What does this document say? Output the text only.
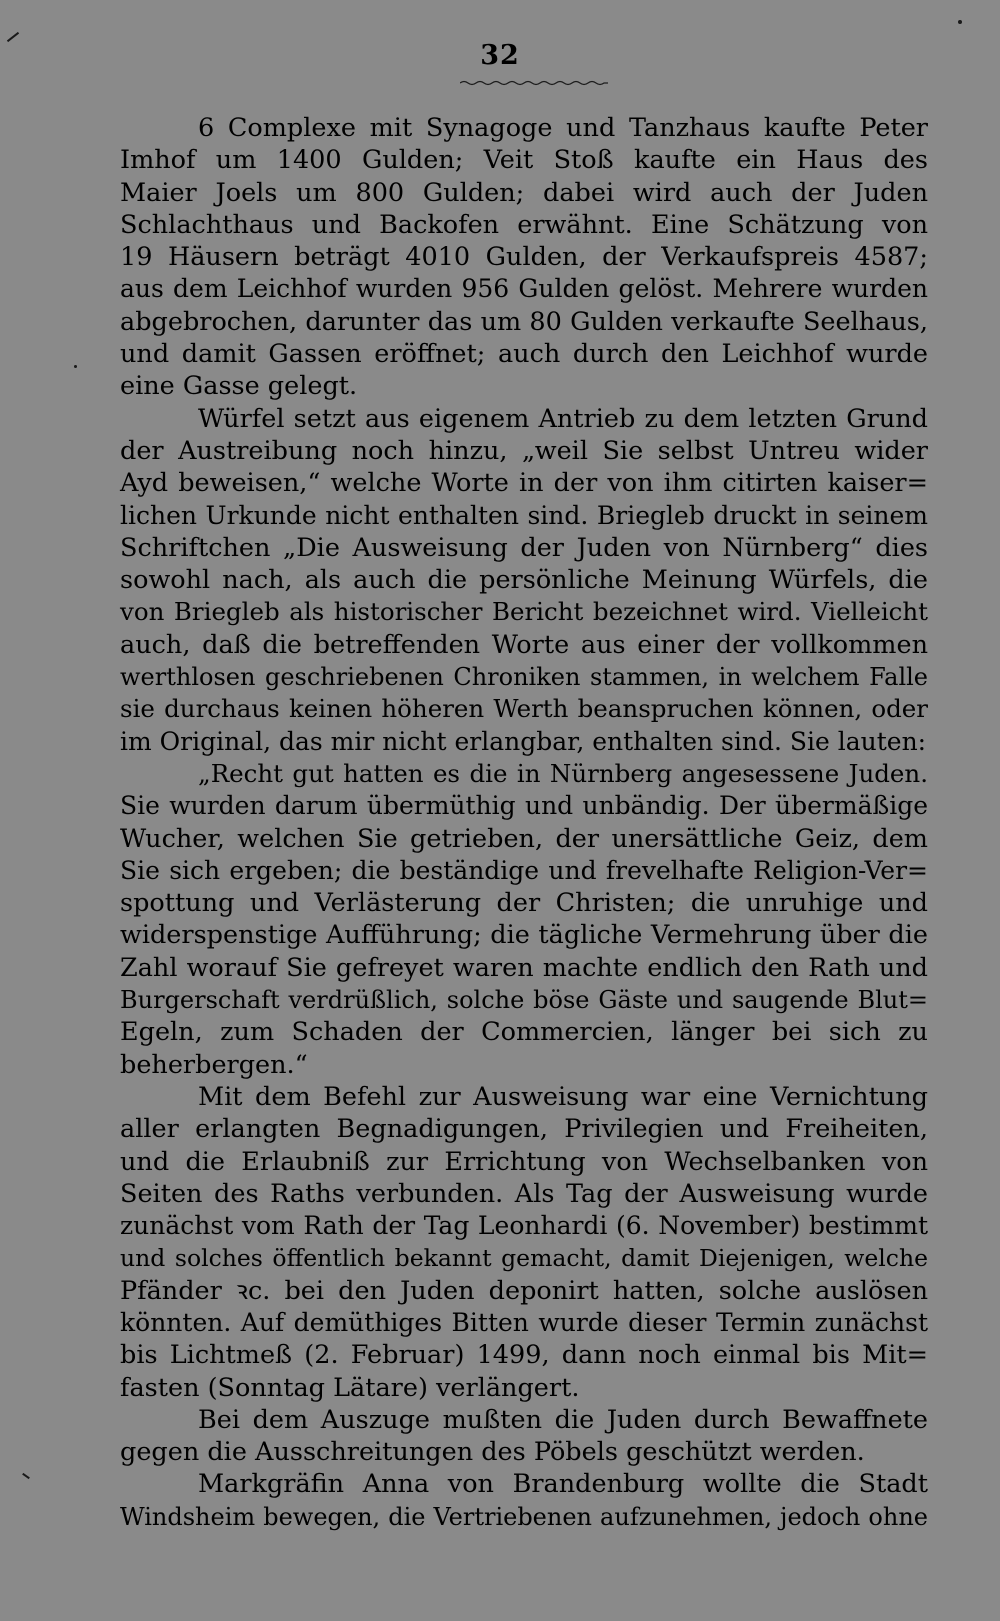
32
6 Complexe mit Synagoge und Tanzhaus kaufte Peter
Imhof um 1400 Gulden; Veit Stoß kaufte ein Haus des
Maier Joels um 800 Gulden; dabei wird auch der Juden
Schlachthaus und Backofen erwähnt. Eine Schätzung von
19 Häusern beträgt 4010 Gulden, der Verkaufspreis 4587;
aus dem Leichhof wurden 956 Gulden gelöst. Mehrere wurden
abgebrochen, darunter das um 80 Gulden verkaufte Seelhaus,
und damit Gassen eröffnet; auch durch den Leichhof wurde
eine Gasse gelegt.
Würfel setzt aus eigenem Antrieb zu dem letzten Grund
der Austreibung noch hinzu, „weil Sie selbst Untreu wider
Ayd beweisen,“ welche Worte in der von ihm citirten kaiser=
lichen Urkunde nicht enthalten sind. Briegleb druckt in seinem
Schriftchen „Die Ausweisung der Juden von Nürnberg“ dies
sowohl nach, als auch die persönliche Meinung Würfels, die
von Briegleb als historischer Bericht bezeichnet wird. Vielleicht
auch, daß die betreffenden Worte aus einer der vollkommen
werthlosen geschriebenen Chroniken stammen, in welchem Falle
sie durchaus keinen höheren Werth beanspruchen können, oder
im Original, das mir nicht erlangbar, enthalten sind. Sie lauten:
„Recht gut hatten es die in Nürnberg angesessene Juden.
Sie wurden darum übermüthig und unbändig. Der übermäßige
Wucher, welchen Sie getrieben, der unersättliche Geiz, dem
Sie sich ergeben; die beständige und frevelhafte Religion-Ver=
spottung und Verlästerung der Christen; die unruhige und
widerspenstige Aufführung; die tägliche Vermehrung über die
Zahl worauf Sie gefreyet waren machte endlich den Rath und
Burgerschaft verdrüßlich, solche böse Gäste und saugende Blut=
Egeln, zum Schaden der Commercien, länger bei sich zu
beherbergen.“
Mit dem Befehl zur Ausweisung war eine Vernichtung
aller erlangten Begnadigungen, Privilegien und Freiheiten,
und die Erlaubniß zur Errichtung von Wechselbanken von
Seiten des Raths verbunden. Als Tag der Ausweisung wurde
zunächst vom Rath der Tag Leonhardi (6. November) bestimmt
und solches öffentlich bekannt gemacht, damit Diejenigen, welche
Pfänder ꝛc. bei den Juden deponirt hatten, solche auslösen
könnten. Auf demüthiges Bitten wurde dieser Termin zunächst
bis Lichtmeß (2. Februar) 1499, dann noch einmal bis Mit=
fasten (Sonntag Lätare) verlängert.
Bei dem Auszuge mußten die Juden durch Bewaffnete
gegen die Ausschreitungen des Pöbels geschützt werden.
Markgräfin Anna von Brandenburg wollte die Stadt
Windsheim bewegen, die Vertriebenen aufzunehmen, jedoch ohne
